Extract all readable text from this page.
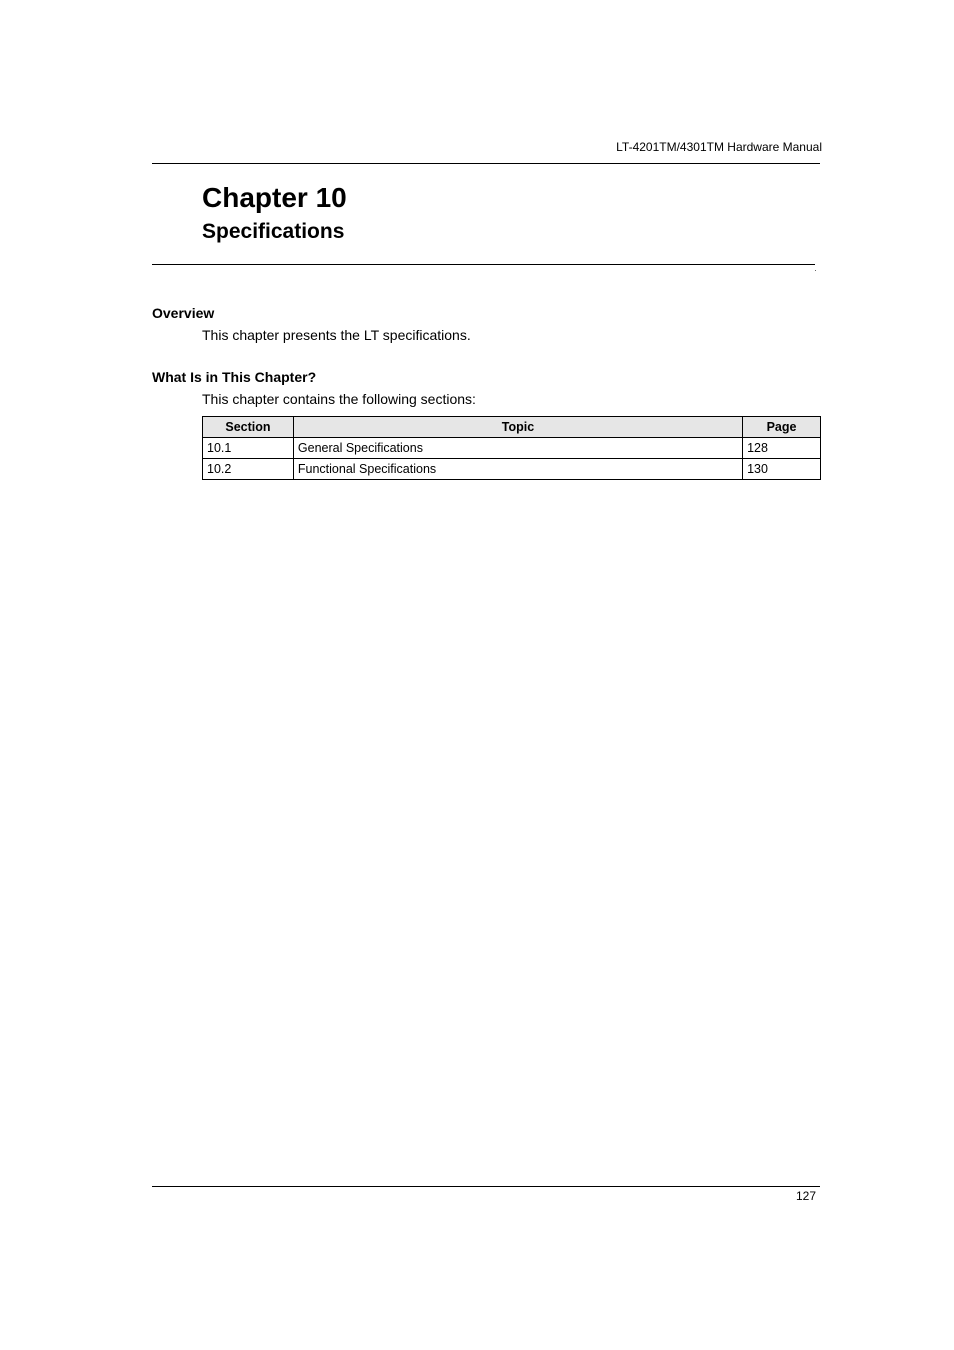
LT-4201TM/4301TM Hardware Manual
Chapter 10
Specifications
Overview
This chapter presents the LT specifications.
What Is in This Chapter?
This chapter contains the following sections:
Section	Topic	Page
10.1	General Specifications	128
10.2	Functional Specifications	130
127
